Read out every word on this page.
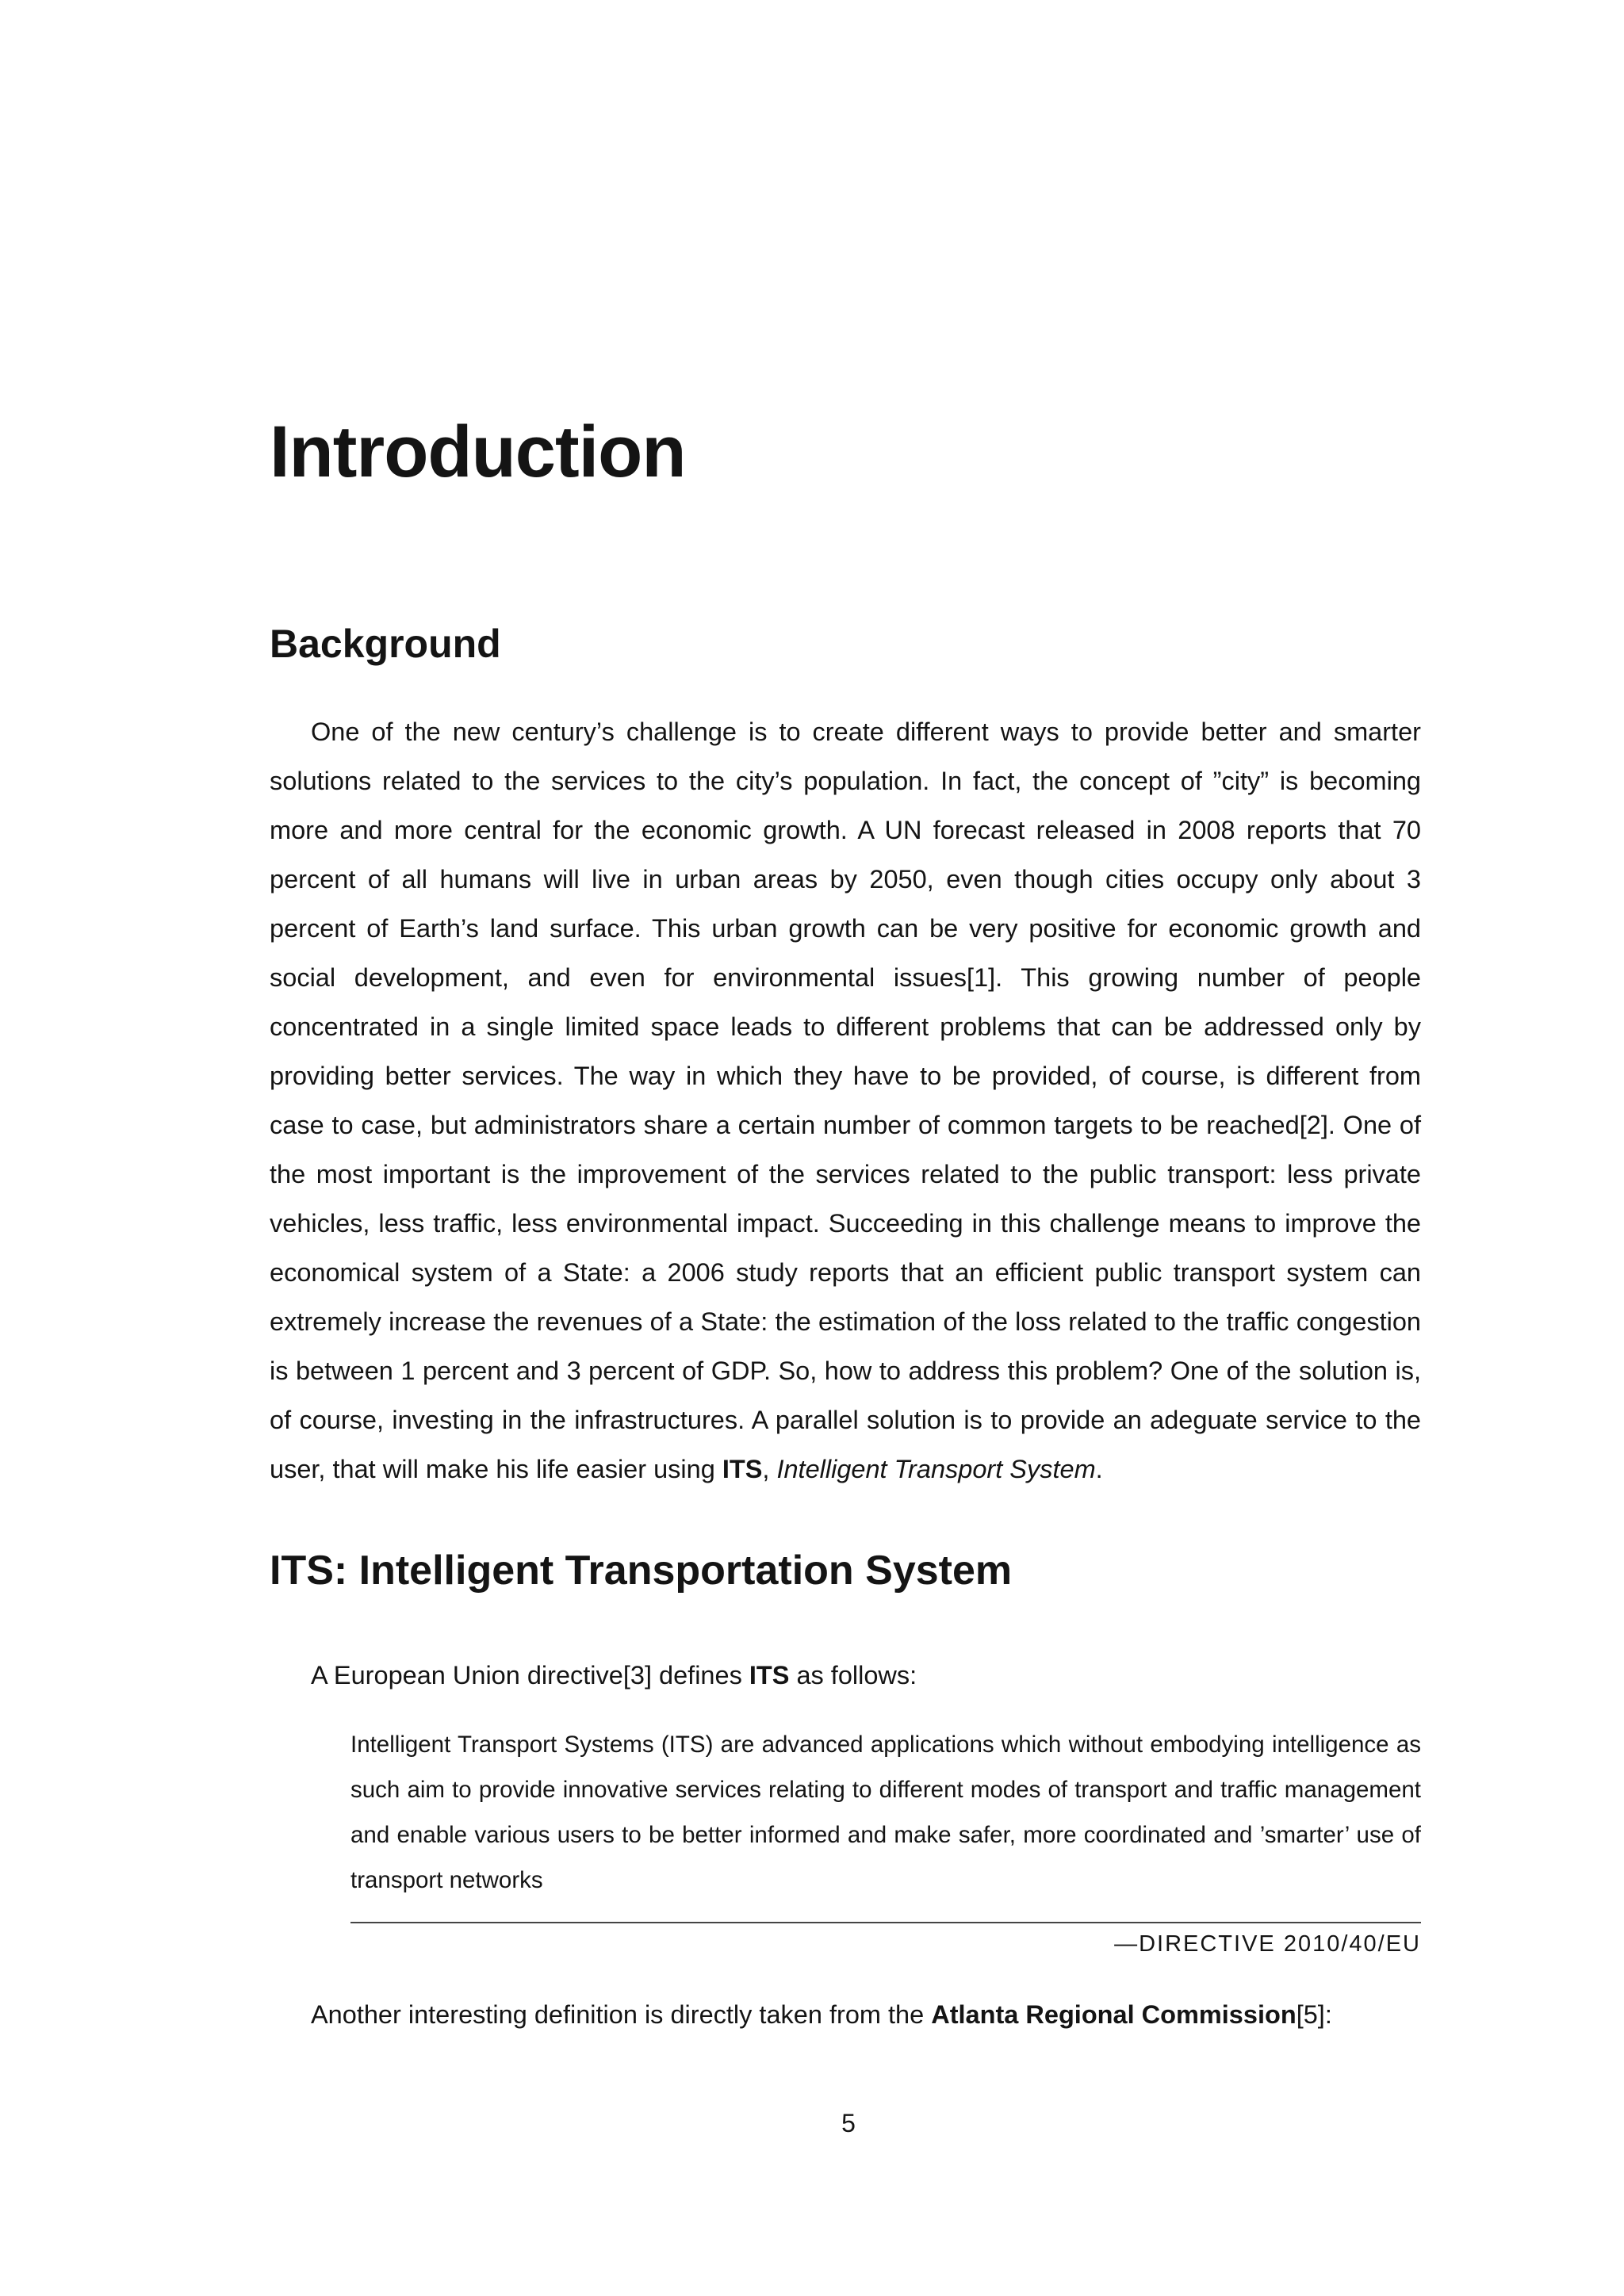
Introduction
Background

One of the new century’s challenge is to create different ways to provide better and smarter solutions related to the services to the city’s population. In fact, the concept of ”city” is becoming more and more central for the economic growth. A UN forecast released in 2008 reports that 70 percent of all humans will live in urban areas by 2050, even though cities occupy only about 3 percent of Earth’s land surface. This urban growth can be very positive for economic growth and social development, and even for environmental issues[1]. This growing number of people concentrated in a single limited space leads to different problems that can be addressed only by providing better services. The way in which they have to be provided, of course, is different from case to case, but administrators share a certain number of common targets to be reached[2]. One of the most important is the improvement of the services related to the public transport: less private vehicles, less traffic, less environmental impact. Succeeding in this challenge means to improve the economical system of a State: a 2006 study reports that an efficient public transport system can extremely increase the revenues of a State: the estimation of the loss related to the traffic congestion is between 1 percent and 3 percent of GDP. So, how to address this problem? One of the solution is, of course, investing in the infrastructures. A parallel solution is to provide an adeguate service to the user, that will make his life easier using ITS, Intelligent Transport System.

ITS: Intelligent Transportation System

A European Union directive[3] defines ITS as follows:

Intelligent Transport Systems (ITS) are advanced applications which without embodying intelligence as such aim to provide innovative services relating to different modes of transport and traffic management and enable various users to be better informed and make safer, more coordinated and ’smarter’ use of transport networks
—DIRECTIVE 2010/40/EU

Another interesting definition is directly taken from the Atlanta Regional Commission[5]:

5
